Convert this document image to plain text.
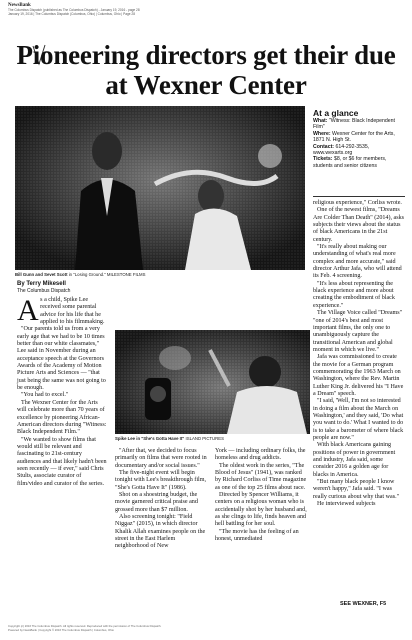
NewsBank
The Columbus Dispatch (published as The Columbus Dispatch) - January 19, 2016 - page 28
January 19, 2016 | The Columbus Dispatch (Columbus, Ohio) | Columbus, Ohio | Page 28
Pioneering directors get their due at Wexner Center
Bill Gunn and Sevet Scott in "Losing Ground." MILESTONE FILMS
By Terry Mikesell
The Columbus Dispatch

As a child, Spike Lee received some parental advice for his life that he applied to his filmmaking.

"Our parents told us from a very early age that we had to be 10 times better than our white classmates," Lee said in November during an acceptance speech at the Governors Awards of the Academy of Motion Picture Arts and Sciences — "that just being the same was not going to be enough.

"You had to excel."

The Wexner Center for the Arts will celebrate more than 70 years of excellence by pioneering African-American directors during "Witness: Black Independent Film."

"We wanted to show films that would still be relevant and fascinating to 21st-century audiences and that likely hadn't been seen recently — if ever," said Chris Stults, associate curator of film/video and curator of the series.

Spike Lee in "She's Gotta Have It" ISLAND PICTURES

"After that, we decided to focus primarily on films that were rooted in documentary and/or social issues."

The five-night event will begin tonight with Lee's breakthrough film, "She's Gotta Have It" (1986).

Shot on a shoestring budget, the movie garnered critical praise and grossed more than $7 million.

Also screening tonight: "Field Niggaz" (2015), in which director Khalik Allah examines people on the street in the East Harlem neighborhood of New

York — including ordinary folks, the homeless and drug addicts.

The oldest work in the series, "The Blood of Jesus" (1941), was ranked by Richard Corliss of Time magazine as one of the top 25 films about race.

Directed by Spencer Williams, it centers on a religious woman who is accidentally shot by her husband and, as she clings to life, finds heaven and hell battling for her soul.

"The movie has the feeling of an honest, unmediated

At a glance
What: "Witness: Black Independent Film"
Where: Wexner Center for the Arts, 1871 N. High St.
Contact: 614-292-3535, www.wexarts.org
Tickets: $8, or $6 for members, students and senior citizens

religious experience," Corliss wrote.

One of the newest films, "Dreams Are Colder Than Death" (2014), asks subjects their views about the status of black Americans in the 21st century.

"It's really about making our understanding of what's real more complex and more accurate," said director Arthur Jafa, who will attend its Feb. 4 screening.

"It's less about representing the black experience and more about creating the embodiment of black experience."

The Village Voice called "Dreams" "one of 2014's best and most important films, the only one to unambiguously capture the transitional American and global moment in which we live."

Jafa was commissioned to create the movie for a German program commemorating the 1963 March on Washington, where the Rev. Martin Luther King Jr. delivered his "I Have a Dream" speech.

"I said, 'Well, I'm not so interested in doing a film about the March on Washington,' and they said, 'Do what you want to do.' What I wanted to do is to take a barometer of where black people are now."

With black Americans gaining positions of power in government and industry, Jafa said, some consider 2016 a golden age for blacks in America.

"But many black people I know weren't happy," Jafa said. "I was really curious about why that was."

He interviewed subjects

SEE WEXNER, F5
Copyright (c) 2016 The Columbus Dispatch. All rights reserved. Reproduced with the permission of The Columbus Dispatch.
Powered by NewsBank | Copyright © 2016 The Columbus Dispatch | Columbus, Ohio
